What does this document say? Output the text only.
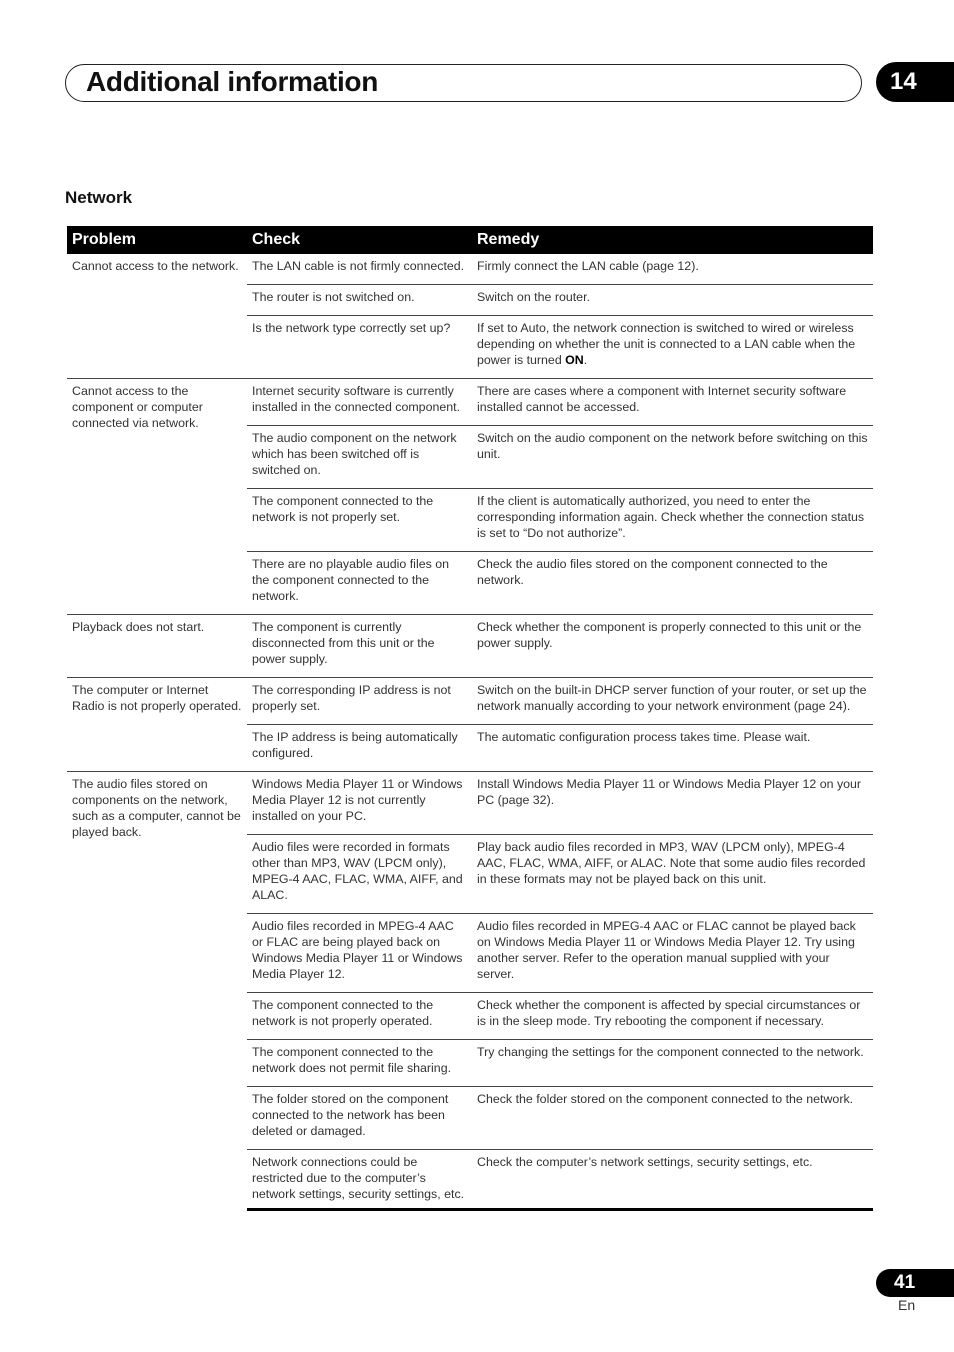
Additional information	14
Network
Problem	Check	Remedy
Cannot access to the network.	The LAN cable is not firmly connected.	Firmly connect the LAN cable (page 12).
	The router is not switched on.	Switch on the router.
	Is the network type correctly set up?	If set to Auto, the network connection is switched to wired or wireless depending on whether the unit is connected to a LAN cable when the power is turned ON.
Cannot access to the component or computer connected via network.	Internet security software is currently installed in the connected component.	There are cases where a component with Internet security software installed cannot be accessed.
	The audio component on the network which has been switched off is switched on.	Switch on the audio component on the network before switching on this unit.
	The component connected to the network is not properly set.	If the client is automatically authorized, you need to enter the corresponding information again. Check whether the connection status is set to “Do not authorize”.
	There are no playable audio files on the component connected to the network.	Check the audio files stored on the component connected to the network.
Playback does not start.	The component is currently disconnected from this unit or the power supply.	Check whether the component is properly connected to this unit or the power supply.
The computer or Internet Radio is not properly operated.	The corresponding IP address is not properly set.	Switch on the built-in DHCP server function of your router, or set up the network manually according to your network environment (page 24).
	The IP address is being automatically configured.	The automatic configuration process takes time. Please wait.
The audio files stored on components on the network, such as a computer, cannot be played back.	Windows Media Player 11 or Windows Media Player 12 is not currently installed on your PC.	Install Windows Media Player 11 or Windows Media Player 12 on your PC (page 32).
	Audio files were recorded in formats other than MP3, WAV (LPCM only), MPEG-4 AAC, FLAC, WMA, AIFF, and ALAC.	Play back audio files recorded in MP3, WAV (LPCM only), MPEG-4 AAC, FLAC, WMA, AIFF, or ALAC. Note that some audio files recorded in these formats may not be played back on this unit.
	Audio files recorded in MPEG-4 AAC or FLAC are being played back on Windows Media Player 11 or Windows Media Player 12.	Audio files recorded in MPEG-4 AAC or FLAC cannot be played back on Windows Media Player 11 or Windows Media Player 12. Try using another server. Refer to the operation manual supplied with your server.
	The component connected to the network is not properly operated.	Check whether the component is affected by special circumstances or is in the sleep mode. Try rebooting the component if necessary.
	The component connected to the network does not permit file sharing.	Try changing the settings for the component connected to the network.
	The folder stored on the component connected to the network has been deleted or damaged.	Check the folder stored on the component connected to the network.
	Network connections could be restricted due to the computer’s network settings, security settings, etc.	Check the computer’s network settings, security settings, etc.
41
En
